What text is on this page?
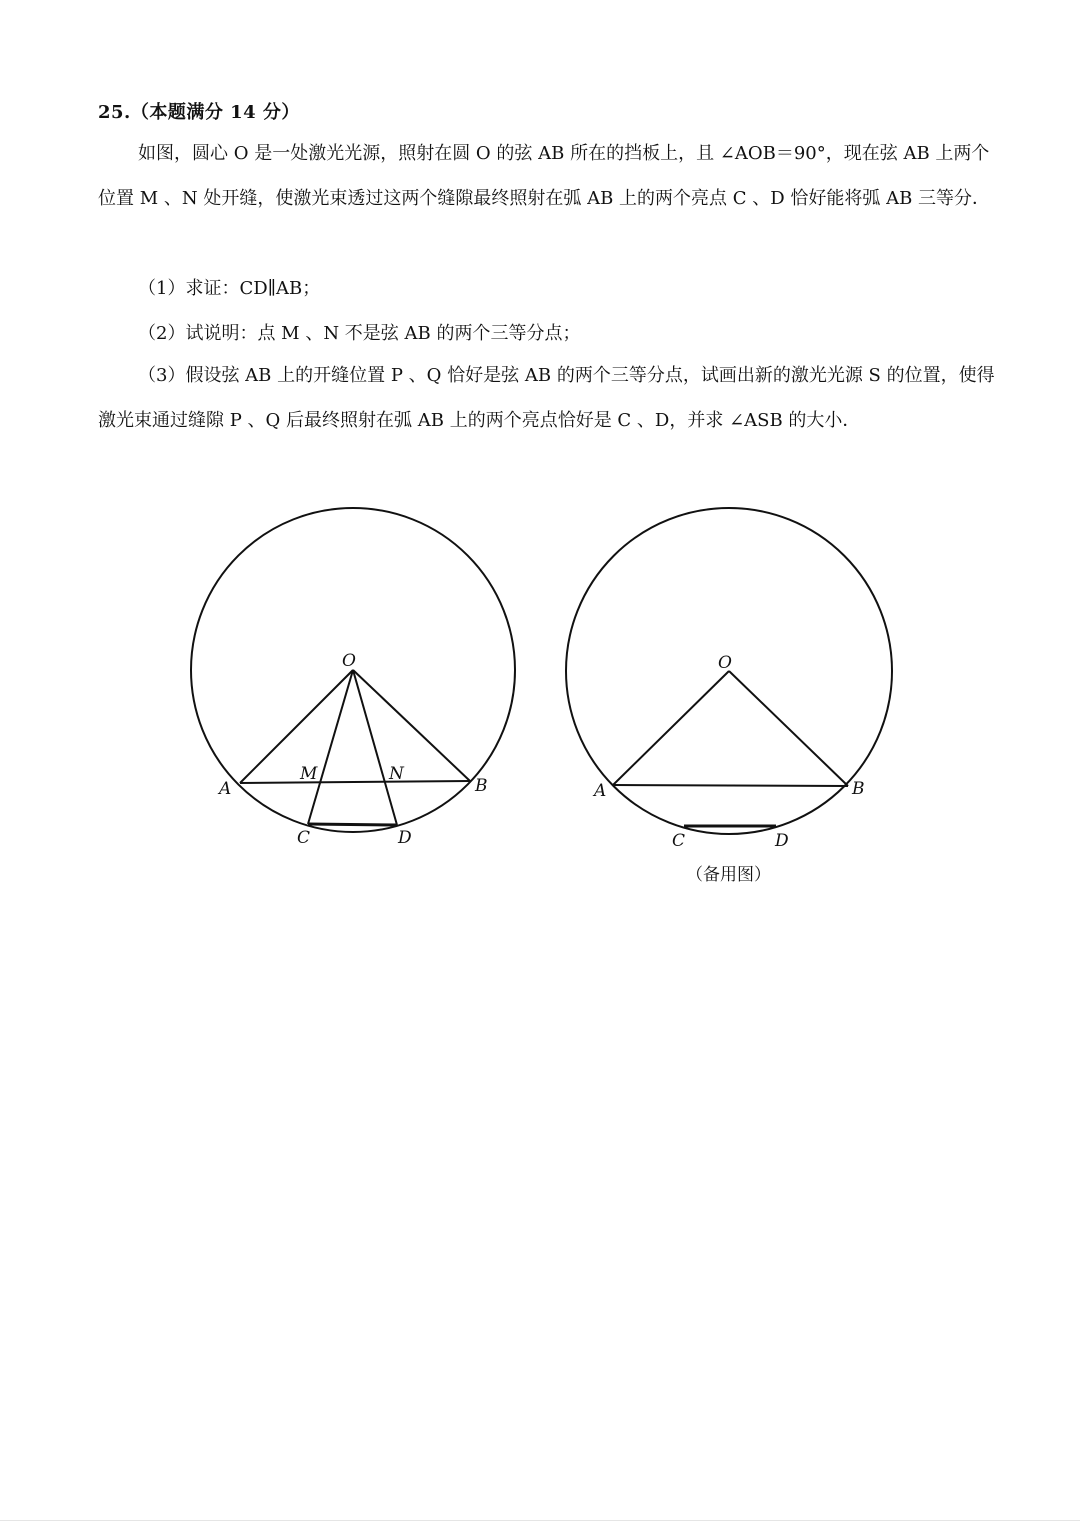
25.（本题满分 14 分）

如图，圆心 O 是一处激光光源，照射在圆 O 的弦 AB 所在的挡板上，且 ∠AOB＝90°，现在弦 AB 上两个位置 M 、N 处开缝，使激光束透过这两个缝隙最终照射在弧 AB 上的两个亮点 C 、D 恰好能将弧 AB 三等分．

（1）求证：CD∥AB；
（2）试说明：点 M 、N 不是弦 AB 的两个三等分点；
（3）假设弦 AB 上的开缝位置 P 、Q 恰好是弦 AB 的两个三等分点，试画出新的激光光源 S 的位置，使得激光束通过缝隙 P 、Q 后最终照射在弧 AB 上的两个亮点恰好是 C 、D，并求 ∠ASB 的大小．
O
A	B
M	N
C	D
O
A	B
C	D
（备用图）
